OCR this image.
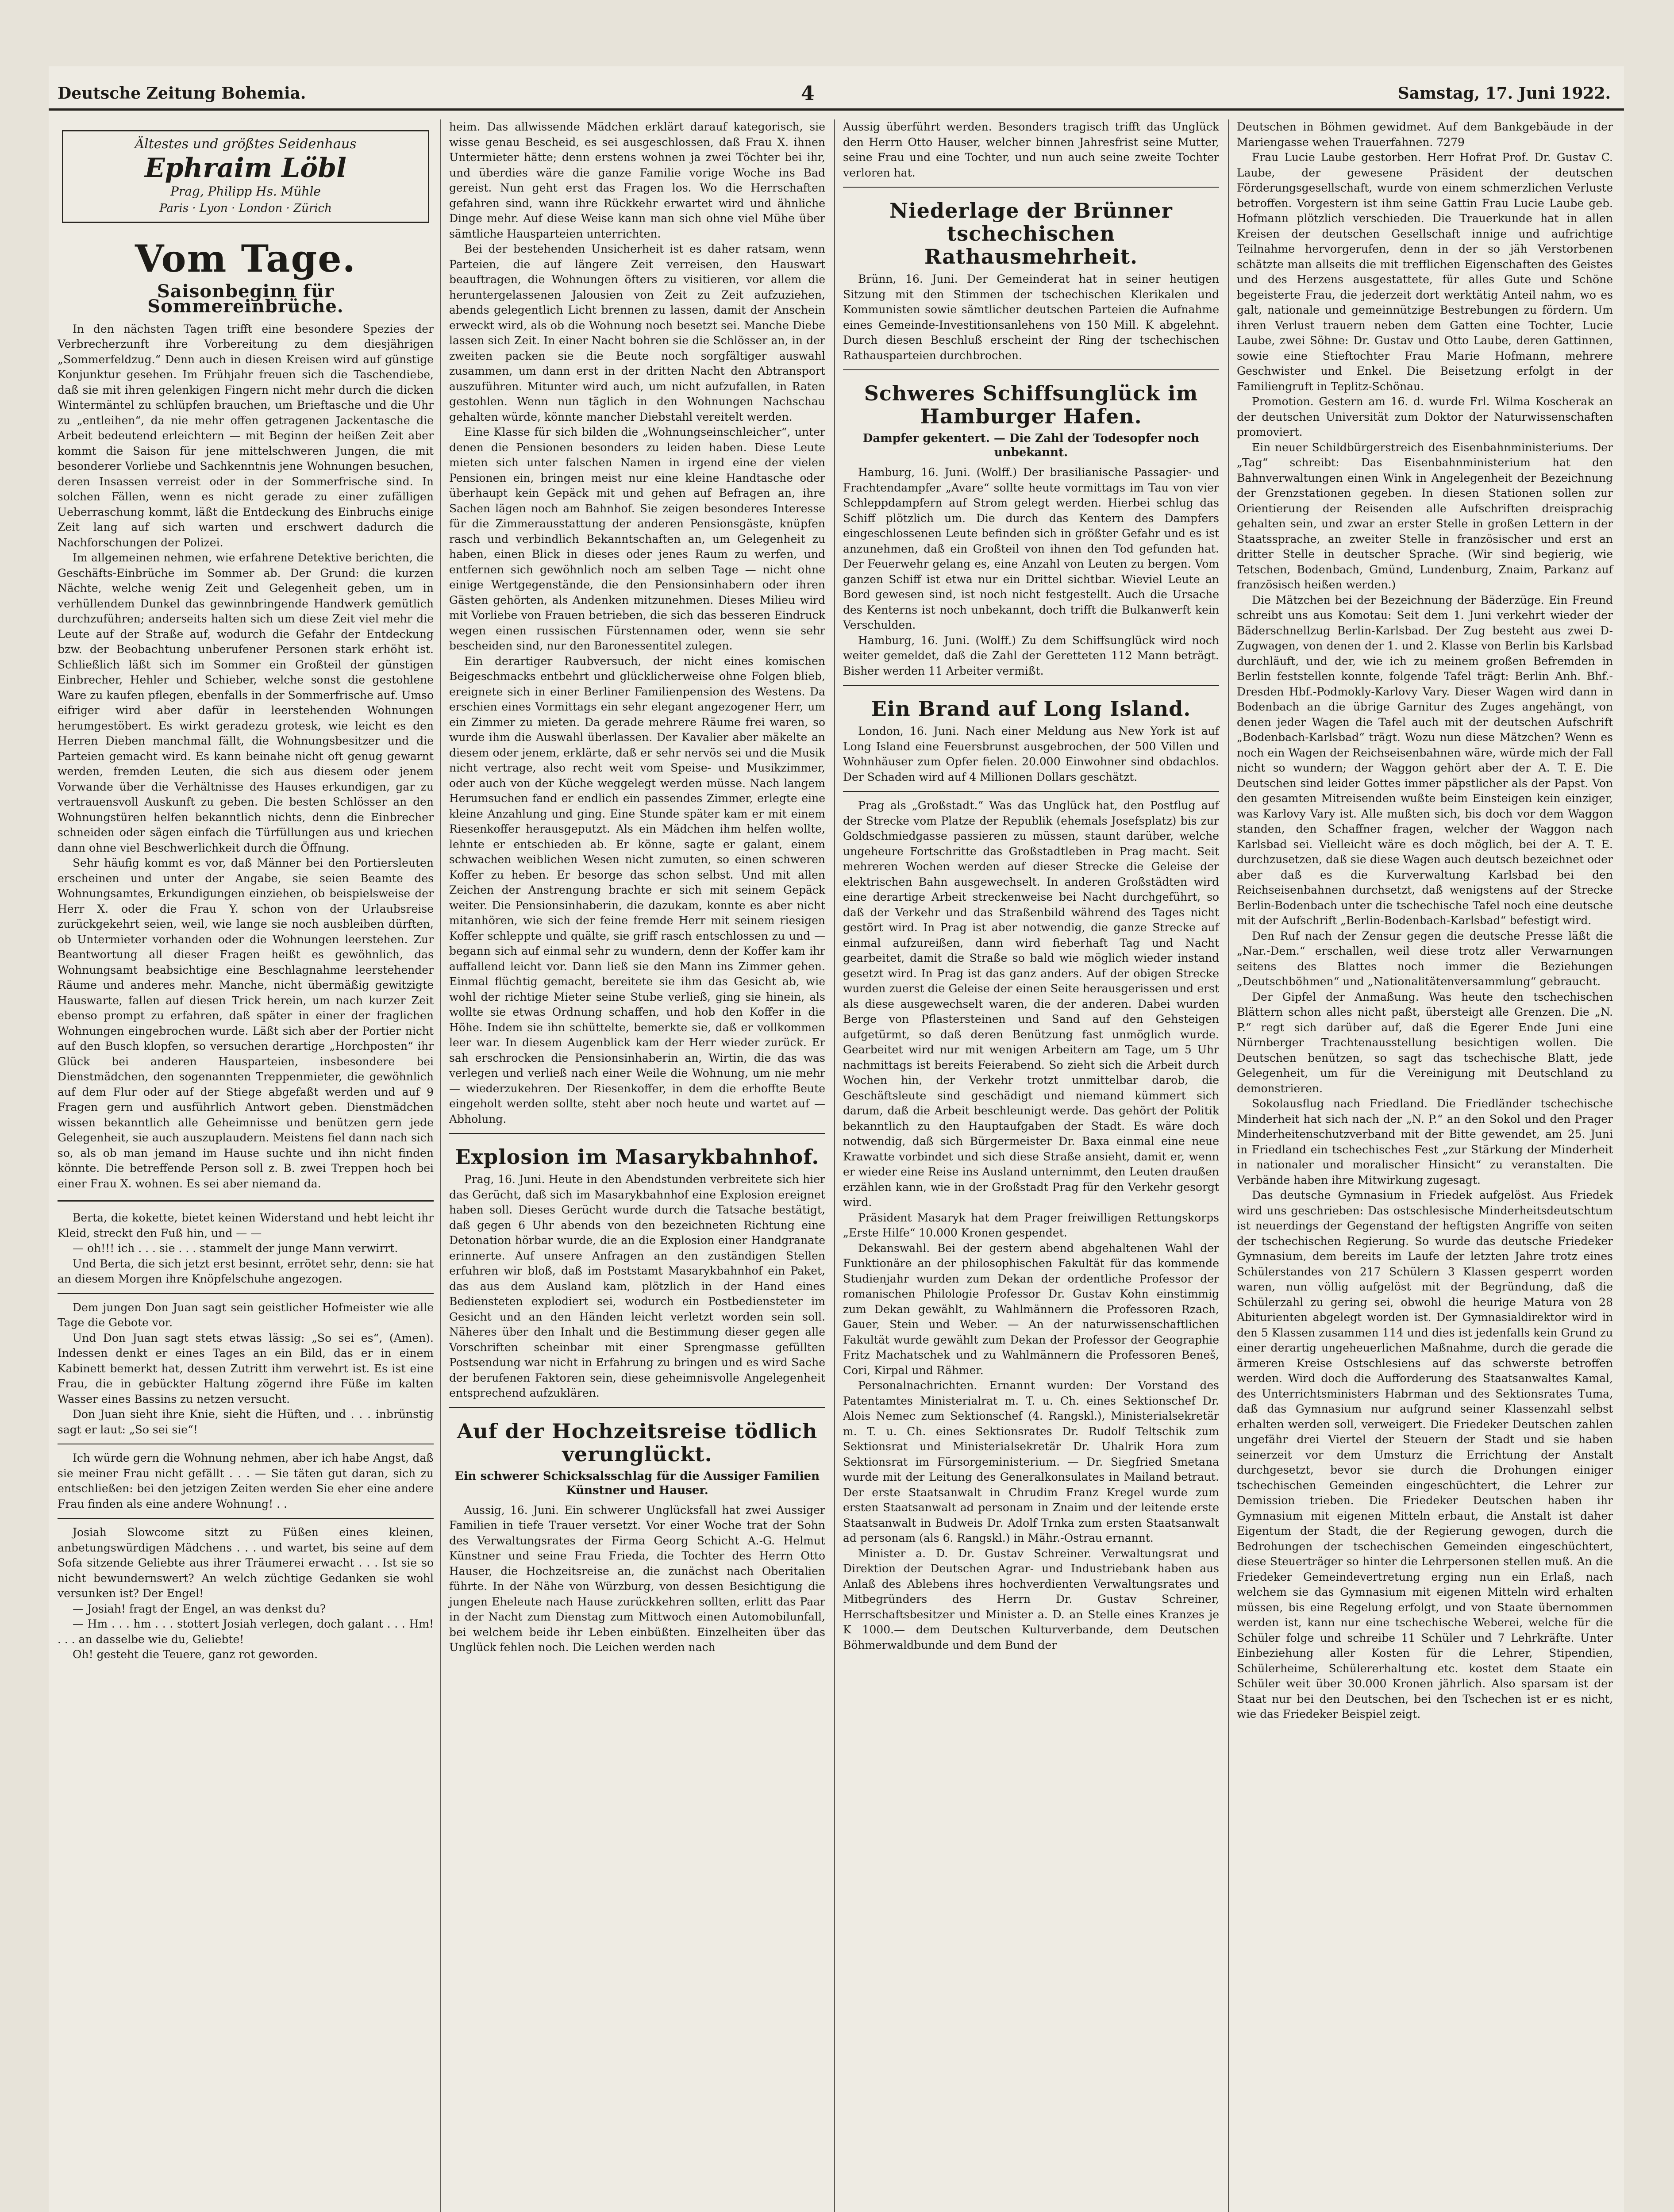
Deutsche Zeitung Bohemia.	4	Samstag, 17. Juni 1922.
Ältestes und größtes Seidenhaus
Ephraim Löbl
Prag, Philipp Hs. Mühle
Paris · Lyon · London · Zürich
Vom Tage.
Saisonbeginn für Sommereinbrüche.

In den nächsten Tagen trifft eine besondere Spezies der Verbrecherzunft ihre Vorbereitung zu dem diesjährigen „Sommerfeldzug.“ Denn auch in diesen Kreisen wird auf günstige Konjunktur gesehen. Im Frühjahr freuen sich die Taschendiebe, daß sie mit ihren gelenkigen Fingern nicht mehr durch die dicken Wintermäntel zu schlüpfen brauchen, um Brieftasche und die Uhr zu „entleihen“, da nie mehr offen getragenen Jackentasche die Arbeit bedeutend erleichtern — mit Beginn der heißen Zeit aber kommt die Saison für jene mittelschweren Jungen, die mit besonderer Vorliebe und Sachkenntnis jene Wohnungen besuchen, deren Insassen verreist oder in der Sommerfrische sind. In solchen Fällen, wenn es nicht gerade zu einer zufälligen Ueberraschung kommt, läßt die Entdeckung des Einbruchs einige Zeit lang auf sich warten und erschwert dadurch die Nachforschungen der Polizei.

Im allgemeinen nehmen, wie erfahrene Detektive berichten, die Geschäfts-Einbrüche im Sommer ab. Der Grund: die kurzen Nächte, welche wenig Zeit und Gelegenheit geben, um in verhüllendem Dunkel das gewinnbringende Handwerk gemütlich durchzuführen; anderseits halten sich um diese Zeit viel mehr die Leute auf der Straße auf, wodurch die Gefahr der Entdeckung bzw. der Beobachtung unberufener Personen stark erhöht ist. Schließlich läßt sich im Sommer ein Großteil der günstigen Einbrecher, Hehler und Schieber, welche sonst die gestohlene Ware zu kaufen pflegen, ebenfalls in der Sommerfrische auf. Umso eifriger wird aber dafür in leerstehenden Wohnungen herumgestöbert. Es wirkt geradezu grotesk, wie leicht es den Herren Dieben manchmal fällt, die Wohnungsbesitzer und die Parteien gemacht wird. Es kann beinahe nicht oft genug gewarnt werden, fremden Leuten, die sich aus diesem oder jenem Vorwande über die Verhältnisse des Hauses erkundigen, gar zu vertrauensvoll Auskunft zu geben. Die besten Schlösser an den Wohnungstüren helfen bekanntlich nichts, denn die Einbrecher schneiden oder sägen einfach die Türfüllungen aus und kriechen dann ohne viel Beschwerlichkeit durch die Öffnung.

Sehr häufig kommt es vor, daß Männer bei den Portiersleuten erscheinen und unter der Angabe, sie seien Beamte des Wohnungsamtes, Erkundigungen einziehen, ob beispielsweise der Herr X. oder die Frau Y. schon von der Urlaubsreise zurückgekehrt seien, weil, wie lange sie noch ausbleiben dürften, ob Untermieter vorhanden oder die Wohnungen leerstehen. Zur Beantwortung all dieser Fragen heißt es gewöhnlich, das Wohnungsamt beabsichtige eine Beschlagnahme leerstehender Räume und anderes mehr. Manche, nicht übermäßig gewitzigte Hauswarte, fallen auf diesen Trick herein, um nach kurzer Zeit ebenso prompt zu erfahren, daß später in einer der fraglichen Wohnungen eingebrochen wurde. Läßt sich aber der Portier nicht auf den Busch klopfen, so versuchen derartige „Horchposten“ ihr Glück bei anderen Hausparteien, insbesondere bei Dienstmädchen, den sogenannten Treppenmieter, die gewöhnlich auf dem Flur oder auf der Stiege abgefaßt werden und auf 9 Fragen gern und ausführlich Antwort geben. Dienstmädchen wissen bekanntlich alle Geheimnisse und benützen gern jede Gelegenheit, sie auch auszuplaudern. Meistens fiel dann nach sich so, als ob man jemand im Hause suchte und ihn nicht finden könnte. Die betreffende Person soll z. B. zwei Treppen hoch bei einer Frau X. wohnen. Es sei aber niemand da.

Berta, die kokette, bietet keinen Widerstand und hebt leicht ihr Kleid, streckt den Fuß hin, und — —

— oh!!! ich . . . sie . . . stammelt der junge Mann verwirrt.

Und Berta, die sich jetzt erst besinnt, errötet sehr, denn: sie hat an diesem Morgen ihre Knöpfelschuhe angezogen.

Dem jungen Don Juan sagt sein geistlicher Hofmeister wie alle Tage die Gebote vor.

Und Don Juan sagt stets etwas lässig: „So sei es“, (Amen). Indessen denkt er eines Tages an ein Bild, das er in einem Kabinett bemerkt hat, dessen Zutritt ihm verwehrt ist. Es ist eine Frau, die in gebückter Haltung zögernd ihre Füße im kalten Wasser eines Bassins zu netzen versucht.

Don Juan sieht ihre Knie, sieht die Hüften, und . . . inbrünstig sagt er laut: „So sei sie“!

Ich würde gern die Wohnung nehmen, aber ich habe Angst, daß sie meiner Frau nicht gefällt . . . — Sie täten gut daran, sich zu entschließen: bei den jetzigen Zeiten werden Sie eher eine andere Frau finden als eine andere Wohnung! . .

Josiah Slowcome sitzt zu Füßen eines kleinen, anbetungswürdigen Mädchens . . . und wartet, bis seine auf dem Sofa sitzende Geliebte aus ihrer Träumerei erwacht . . . Ist sie so nicht bewundernswert? An welch züchtige Gedanken sie wohl versunken ist? Der Engel!

— Josiah! fragt der Engel, an was denkst du?

— Hm . . . hm . . . stottert Josiah verlegen, doch galant . . . Hm! . . . an dasselbe wie du, Geliebte!

Oh! gesteht die Teuere, ganz rot geworden.

heim. Das allwissende Mädchen erklärt darauf kategorisch, sie wisse genau Bescheid, es sei ausgeschlossen, daß Frau X. ihnen Untermieter hätte; denn erstens wohnen ja zwei Töchter bei ihr, und überdies wäre die ganze Familie vorige Woche ins Bad gereist. Nun geht erst das Fragen los. Wo die Herrschaften gefahren sind, wann ihre Rückkehr erwartet wird und ähnliche Dinge mehr. Auf diese Weise kann man sich ohne viel Mühe über sämtliche Hausparteien unterrichten.

Bei der bestehenden Unsicherheit ist es daher ratsam, wenn Parteien, die auf längere Zeit verreisen, den Hauswart beauftragen, die Wohnungen öfters zu visitieren, vor allem die heruntergelassenen Jalousien von Zeit zu Zeit aufzuziehen, abends gelegentlich Licht brennen zu lassen, damit der Anschein erweckt wird, als ob die Wohnung noch besetzt sei. Manche Diebe lassen sich Zeit. In einer Nacht bohren sie die Schlösser an, in der zweiten packen sie die Beute noch sorgfältiger auswahl zusammen, um dann erst in der dritten Nacht den Abtransport auszuführen. Mitunter wird auch, um nicht aufzufallen, in Raten gestohlen. Wenn nun täglich in den Wohnungen Nachschau gehalten würde, könnte mancher Diebstahl vereitelt werden.

Eine Klasse für sich bilden die „Wohnungseinschleicher“, unter denen die Pensionen besonders zu leiden haben. Diese Leute mieten sich unter falschen Namen in irgend eine der vielen Pensionen ein, bringen meist nur eine kleine Handtasche oder überhaupt kein Gepäck mit und gehen auf Befragen an, ihre Sachen lägen noch am Bahnhof. Sie zeigen besonderes Interesse für die Zimmerausstattung der anderen Pensionsgäste, knüpfen rasch und verbindlich Bekanntschaften an, um Gelegenheit zu haben, einen Blick in dieses oder jenes Raum zu werfen, und entfernen sich gewöhnlich noch am selben Tage — nicht ohne einige Wertgegenstände, die den Pensionsinhabern oder ihren Gästen gehörten, als Andenken mitzunehmen. Dieses Milieu wird mit Vorliebe von Frauen betrieben, die sich das besseren Eindruck wegen einen russischen Fürstennamen oder, wenn sie sehr bescheiden sind, nur den Baronessentitel zulegen.

Ein derartiger Raubversuch, der nicht eines komischen Beigeschmacks entbehrt und glücklicherweise ohne Folgen blieb, ereignete sich in einer Berliner Familienpension des Westens. Da erschien eines Vormittags ein sehr elegant angezogener Herr, um ein Zimmer zu mieten. Da gerade mehrere Räume frei waren, so wurde ihm die Auswahl überlassen. Der Kavalier aber mäkelte an diesem oder jenem, erklärte, daß er sehr nervös sei und die Musik nicht vertrage, also recht weit vom Speise- und Musikzimmer, oder auch von der Küche weggelegt werden müsse. Nach langem Herumsuchen fand er endlich ein passendes Zimmer, erlegte eine kleine Anzahlung und ging. Eine Stunde später kam er mit einem Riesenkoffer herausgeputzt. Als ein Mädchen ihm helfen wollte, lehnte er entschieden ab. Er könne, sagte er galant, einem schwachen weiblichen Wesen nicht zumuten, so einen schweren Koffer zu heben. Er besorge das schon selbst. Und mit allen Zeichen der Anstrengung brachte er sich mit seinem Gepäck weiter. Die Pensionsinhaberin, die dazukam, konnte es aber nicht mitanhören, wie sich der feine fremde Herr mit seinem riesigen Koffer schleppte und quälte, sie griff rasch entschlossen zu und — begann sich auf einmal sehr zu wundern, denn der Koffer kam ihr auffallend leicht vor. Dann ließ sie den Mann ins Zimmer gehen. Einmal flüchtig gemacht, bereitete sie ihm das Gesicht ab, wie wohl der richtige Mieter seine Stube verließ, ging sie hinein, als wollte sie etwas Ordnung schaffen, und hob den Koffer in die Höhe. Indem sie ihn schüttelte, bemerkte sie, daß er vollkommen leer war. In diesem Augenblick kam der Herr wieder zurück. Er sah erschrocken die Pensionsinhaberin an, Wirtin, die das was verlegen und verließ nach einer Weile die Wohnung, um nie mehr — wiederzukehren. Der Riesenkoffer, in dem die erhoffte Beute eingeholt werden sollte, steht aber noch heute und wartet auf — Abholung.

Explosion im Masarykbahnhof.

Prag, 16. Juni. Heute in den Abendstunden verbreitete sich hier das Gerücht, daß sich im Masarykbahnhof eine Explosion ereignet haben soll. Dieses Gerücht wurde durch die Tatsache bestätigt, daß gegen 6 Uhr abends von den bezeichneten Richtung eine Detonation hörbar wurde, die an die Explosion einer Handgranate erinnerte. Auf unsere Anfragen an den zuständigen Stellen erfuhren wir bloß, daß im Poststamt Masarykbahnhof ein Paket, das aus dem Ausland kam, plötzlich in der Hand eines Bediensteten explodiert sei, wodurch ein Postbediensteter im Gesicht und an den Händen leicht verletzt worden sein soll. Näheres über den Inhalt und die Bestimmung dieser gegen alle Vorschriften scheinbar mit einer Sprengmasse gefüllten Postsendung war nicht in Erfahrung zu bringen und es wird Sache der berufenen Faktoren sein, diese geheimnisvolle Angelegenheit entsprechend aufzuklären.

Auf der Hochzeitsreise tödlich verunglückt.
Ein schwerer Schicksalsschlag für die Aussiger Familien Künstner und Hauser.

Aussig, 16. Juni. Ein schwerer Unglücksfall hat zwei Aussiger Familien in tiefe Trauer versetzt. Vor einer Woche trat der Sohn des Verwaltungsrates der Firma Georg Schicht A.-G. Helmut Künstner und seine Frau Frieda, die Tochter des Herrn Otto Hauser, die Hochzeitsreise an, die zunächst nach Oberitalien führte. In der Nähe von Würzburg, von dessen Besichtigung die jungen Eheleute nach Hause zurückkehren sollten, erlitt das Paar in der Nacht zum Dienstag zum Mittwoch einen Automobilunfall, bei welchem beide ihr Leben einbüßten. Einzelheiten über das Unglück fehlen noch. Die Leichen werden nach

Aussig überführt werden. Besonders tragisch trifft das Unglück den Herrn Otto Hauser, welcher binnen Jahresfrist seine Mutter, seine Frau und eine Tochter, und nun auch seine zweite Tochter verloren hat.

Niederlage der Brünner tschechischen Rathausmehrheit.

Brünn, 16. Juni. Der Gemeinderat hat in seiner heutigen Sitzung mit den Stimmen der tschechischen Klerikalen und Kommunisten sowie sämtlicher deutschen Parteien die Aufnahme eines Gemeinde-Investitionsanlehens von 150 Mill. K abgelehnt. Durch diesen Beschluß erscheint der Ring der tschechischen Rathausparteien durchbrochen.

Schweres Schiffsunglück im Hamburger Hafen.
Dampfer gekentert. — Die Zahl der Todesopfer noch unbekannt.

Hamburg, 16. Juni. (Wolff.) Der brasilianische Passagier- und Frachtendampfer „Avare“ sollte heute vormittags im Tau von vier Schleppdampfern auf Strom gelegt werden. Hierbei schlug das Schiff plötzlich um. Die durch das Kentern des Dampfers eingeschlossenen Leute befinden sich in größter Gefahr und es ist anzunehmen, daß ein Großteil von ihnen den Tod gefunden hat. Der Feuerwehr gelang es, eine Anzahl von Leuten zu bergen. Vom ganzen Schiff ist etwa nur ein Drittel sichtbar. Wieviel Leute an Bord gewesen sind, ist noch nicht festgestellt. Auch die Ursache des Kenterns ist noch unbekannt, doch trifft die Bulkanwerft kein Verschulden.

Hamburg, 16. Juni. (Wolff.) Zu dem Schiffsunglück wird noch weiter gemeldet, daß die Zahl der Geretteten 112 Mann beträgt. Bisher werden 11 Arbeiter vermißt.

Ein Brand auf Long Island.

London, 16. Juni. Nach einer Meldung aus New York ist auf Long Island eine Feuersbrunst ausgebrochen, der 500 Villen und Wohnhäuser zum Opfer fielen. 20.000 Einwohner sind obdachlos. Der Schaden wird auf 4 Millionen Dollars geschätzt.

Prag als „Großstadt.“ Was das Unglück hat, den Postflug auf der Strecke vom Platze der Republik (ehemals Josefsplatz) bis zur Goldschmiedgasse passieren zu müssen, staunt darüber, welche ungeheure Fortschritte das Großstadtleben in Prag macht. Seit mehreren Wochen werden auf dieser Strecke die Geleise der elektrischen Bahn ausgewechselt. In anderen Großstädten wird eine derartige Arbeit streckenweise bei Nacht durchgeführt, so daß der Verkehr und das Straßenbild während des Tages nicht gestört wird. In Prag ist aber notwendig, die ganze Strecke auf einmal aufzureißen, dann wird fieberhaft Tag und Nacht gearbeitet, damit die Straße so bald wie möglich wieder instand gesetzt wird. In Prag ist das ganz anders. Auf der obigen Strecke wurden zuerst die Geleise der einen Seite herausgerissen und erst als diese ausgewechselt waren, die der anderen. Dabei wurden Berge von Pflastersteinen und Sand auf den Gehsteigen aufgetürmt, so daß deren Benützung fast unmöglich wurde. Gearbeitet wird nur mit wenigen Arbeitern am Tage, um 5 Uhr nachmittags ist bereits Feierabend. So zieht sich die Arbeit durch Wochen hin, der Verkehr trotzt unmittelbar darob, die Geschäftsleute sind geschädigt und niemand kümmert sich darum, daß die Arbeit beschleunigt werde. Das gehört der Politik bekanntlich zu den Hauptaufgaben der Stadt. Es wäre doch notwendig, daß sich Bürgermeister Dr. Baxa einmal eine neue Krawatte vorbindet und sich diese Straße ansieht, damit er, wenn er wieder eine Reise ins Ausland unternimmt, den Leuten draußen erzählen kann, wie in der Großstadt Prag für den Verkehr gesorgt wird.

Präsident Masaryk hat dem Prager freiwilligen Rettungskorps „Erste Hilfe“ 10.000 Kronen gespendet.

Dekanswahl. Bei der gestern abend abgehaltenen Wahl der Funktionäre an der philosophischen Fakultät für das kommende Studienjahr wurden zum Dekan der ordentliche Professor der romanischen Philologie Professor Dr. Gustav Kohn einstimmig zum Dekan gewählt, zu Wahlmännern die Professoren Rzach, Gauer, Stein und Weber. — An der naturwissenschaftlichen Fakultät wurde gewählt zum Dekan der Professor der Geographie Fritz Machatschek und zu Wahlmännern die Professoren Beneš, Cori, Kirpal und Rähmer.

Personalnachrichten. Ernannt wurden: Der Vorstand des Patentamtes Ministerialrat m. T. u. Ch. eines Sektionschef Dr. Alois Nemec zum Sektionschef (4. Rangskl.), Ministerialsekretär m. T. u. Ch. eines Sektionsrates Dr. Rudolf Teltschik zum Sektionsrat und Ministerialsekretär Dr. Uhalrik Hora zum Sektionsrat im Fürsorgeministerium. — Dr. Siegfried Smetana wurde mit der Leitung des Generalkonsulates in Mailand betraut. Der erste Staatsanwalt in Chrudim Franz Kregel wurde zum ersten Staatsanwalt ad personam in Znaim und der leitende erste Staatsanwalt in Budweis Dr. Adolf Trnka zum ersten Staatsanwalt ad personam (als 6. Rangskl.) in Mähr.-Ostrau ernannt.

Minister a. D. Dr. Gustav Schreiner. Verwaltungsrat und Direktion der Deutschen Agrar- und Industriebank haben aus Anlaß des Ablebens ihres hochverdienten Verwaltungsrates und Mitbegründers des Herrn Dr. Gustav Schreiner, Herrschaftsbesitzer und Minister a. D. an Stelle eines Kranzes je K 1000.— dem Deutschen Kulturverbande, dem Deutschen Böhmerwaldbunde und dem Bund der

Deutschen in Böhmen gewidmet. Auf dem Bankgebäude in der Mariengasse wehen Trauerfahnen. 7279

Frau Lucie Laube gestorben. Herr Hofrat Prof. Dr. Gustav C. Laube, der gewesene Präsident der deutschen Förderungsgesellschaft, wurde von einem schmerzlichen Verluste betroffen. Vorgestern ist ihm seine Gattin Frau Lucie Laube geb. Hofmann plötzlich verschieden. Die Trauerkunde hat in allen Kreisen der deutschen Gesellschaft innige und aufrichtige Teilnahme hervorgerufen, denn in der so jäh Verstorbenen schätzte man allseits die mit trefflichen Eigenschaften des Geistes und des Herzens ausgestattete, für alles Gute und Schöne begeisterte Frau, die jederzeit dort werktätig Anteil nahm, wo es galt, nationale und gemeinnützige Bestrebungen zu fördern. Um ihren Verlust trauern neben dem Gatten eine Tochter, Lucie Laube, zwei Söhne: Dr. Gustav und Otto Laube, deren Gattinnen, sowie eine Stieftochter Frau Marie Hofmann, mehrere Geschwister und Enkel. Die Beisetzung erfolgt in der Familiengruft in Teplitz-Schönau.

Promotion. Gestern am 16. d. wurde Frl. Wilma Koscherak an der deutschen Universität zum Doktor der Naturwissenschaften promoviert.

Ein neuer Schildbürgerstreich des Eisenbahnministeriums. Der „Tag“ schreibt: Das Eisenbahnministerium hat den Bahnverwaltungen einen Wink in Angelegenheit der Bezeichnung der Grenzstationen gegeben. In diesen Stationen sollen zur Orientierung der Reisenden alle Aufschriften dreisprachig gehalten sein, und zwar an erster Stelle in großen Lettern in der Staatssprache, an zweiter Stelle in französischer und erst an dritter Stelle in deutscher Sprache. (Wir sind begierig, wie Tetschen, Bodenbach, Gmünd, Lundenburg, Znaim, Parkanz auf französisch heißen werden.)

Die Mätzchen bei der Bezeichnung der Bäderzüge. Ein Freund schreibt uns aus Komotau: Seit dem 1. Juni verkehrt wieder der Bäderschnellzug Berlin-Karlsbad. Der Zug besteht aus zwei D-Zugwagen, von denen der 1. und 2. Klasse von Berlin bis Karlsbad durchläuft, und der, wie ich zu meinem großen Befremden in Berlin feststellen konnte, folgende Tafel trägt: Berlin Anh. Bhf.-Dresden Hbf.-Podmokly-Karlovy Vary. Dieser Wagen wird dann in Bodenbach an die übrige Garnitur des Zuges angehängt, von denen jeder Wagen die Tafel auch mit der deutschen Aufschrift „Bodenbach-Karlsbad“ trägt. Wozu nun diese Mätzchen? Wenn es noch ein Wagen der Reichseisenbahnen wäre, würde mich der Fall nicht so wundern; der Waggon gehört aber der A. T. E. Die Deutschen sind leider Gottes immer päpstlicher als der Papst. Von den gesamten Mitreisenden wußte beim Einsteigen kein einziger, was Karlovy Vary ist. Alle mußten sich, bis doch vor dem Waggon standen, den Schaffner fragen, welcher der Waggon nach Karlsbad sei. Vielleicht wäre es doch möglich, bei der A. T. E. durchzusetzen, daß sie diese Wagen auch deutsch bezeichnet oder aber daß es die Kurverwaltung Karlsbad bei den Reichseisenbahnen durchsetzt, daß wenigstens auf der Strecke Berlin-Bodenbach unter die tschechische Tafel noch eine deutsche mit der Aufschrift „Berlin-Bodenbach-Karlsbad“ befestigt wird.

Den Ruf nach der Zensur gegen die deutsche Presse läßt die „Nar.-Dem.“ erschallen, weil diese trotz aller Verwarnungen seitens des Blattes noch immer die Beziehungen „Deutschböhmen“ und „Nationalitätenversammlung“ gebraucht.

Der Gipfel der Anmaßung. Was heute den tschechischen Blättern schon alles nicht paßt, übersteigt alle Grenzen. Die „N. P.“ regt sich darüber auf, daß die Egerer Ende Juni eine Nürnberger Trachtenausstellung besichtigen wollen. Die Deutschen benützen, so sagt das tschechische Blatt, jede Gelegenheit, um für die Vereinigung mit Deutschland zu demonstrieren.

Sokolausflug nach Friedland. Die Friedländer tschechische Minderheit hat sich nach der „N. P.“ an den Sokol und den Prager Minderheitenschutzverband mit der Bitte gewendet, am 25. Juni in Friedland ein tschechisches Fest „zur Stärkung der Minderheit in nationaler und moralischer Hinsicht“ zu veranstalten. Die Verbände haben ihre Mitwirkung zugesagt.

Das deutsche Gymnasium in Friedek aufgelöst. Aus Friedek wird uns geschrieben: Das ostschlesische Minderheitsdeutschtum ist neuerdings der Gegenstand der heftigsten Angriffe von seiten der tschechischen Regierung. So wurde das deutsche Friedeker Gymnasium, dem bereits im Laufe der letzten Jahre trotz eines Schülerstandes von 217 Schülern 3 Klassen gesperrt worden waren, nun völlig aufgelöst mit der Begründung, daß die Schülerzahl zu gering sei, obwohl die heurige Matura von 28 Abiturienten abgelegt worden ist. Der Gymnasialdirektor wird in den 5 Klassen zusammen 114 und dies ist jedenfalls kein Grund zu einer derartig ungeheuerlichen Maßnahme, durch die gerade die ärmeren Kreise Ostschlesiens auf das schwerste betroffen werden. Wird doch die Aufforderung des Staatsanwaltes Kamal, des Unterrichtsministers Habrman und des Sektionsrates Tuma, daß das Gymnasium nur aufgrund seiner Klassenzahl selbst erhalten werden soll, verweigert. Die Friedeker Deutschen zahlen ungefähr drei Viertel der Steuern der Stadt und sie haben seinerzeit vor dem Umsturz die Errichtung der Anstalt durchgesetzt, bevor sie durch die Drohungen einiger tschechischen Gemeinden eingeschüchtert, die Lehrer zur Demission trieben. Die Friedeker Deutschen haben ihr Gymnasium mit eigenen Mitteln erbaut, die Anstalt ist daher Eigentum der Stadt, die der Regierung gewogen, durch die Bedrohungen der tschechischen Gemeinden eingeschüchtert, diese Steuerträger so hinter die Lehrpersonen stellen muß. An die Friedeker Gemeindevertretung erging nun ein Erlaß, nach welchem sie das Gymnasium mit eigenen Mitteln wird erhalten müssen, bis eine Regelung erfolgt, und von Staate übernommen werden ist, kann nur eine tschechische Weberei, welche für die Schüler folge und schreibe 11 Schüler und 7 Lehrkräfte. Unter Einbeziehung aller Kosten für die Lehrer, Stipendien, Schülerheime, Schülererhaltung etc. kostet dem Staate ein Schüler weit über 30.000 Kronen jährlich. Also sparsam ist der Staat nur bei den Deutschen, bei den Tschechen ist er es nicht, wie das Friedeker Beispiel zeigt.
